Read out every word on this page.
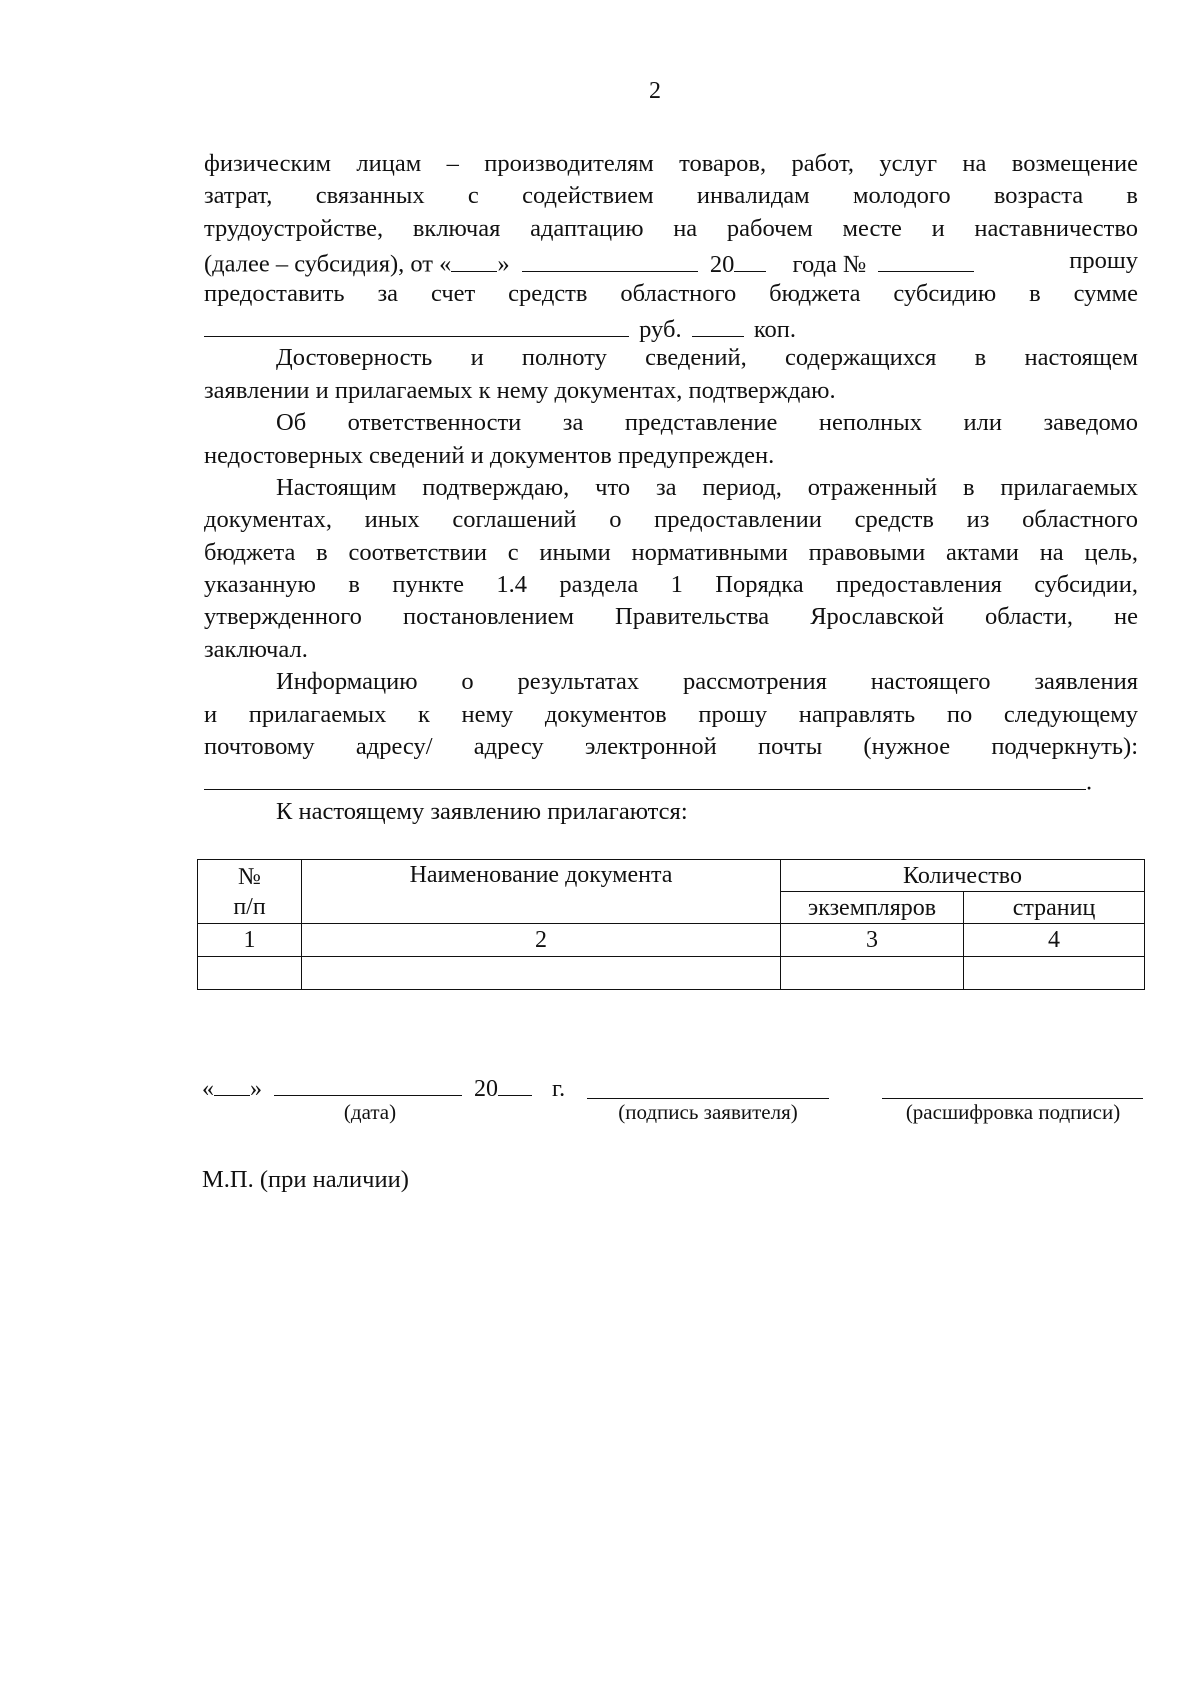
2
физическим лицам – производителям товаров, работ, услуг на возмещение
затрат, связанных с содействием инвалидам молодого возраста в
трудоустройстве, включая адаптацию на рабочем месте и наставничество
(далее – субсидия), от « »	20 года №	прошу
предоставить за счет средств областного бюджета субсидию в сумме
руб.	коп.
Достоверность и полноту сведений, содержащихся в настоящем
заявлении и прилагаемых к нему документах, подтверждаю.
Об ответственности за представление неполных или заведомо
недостоверных сведений и документов предупрежден.
Настоящим подтверждаю, что за период, отраженный в прилагаемых
документах, иных соглашений о предоставлении средств из областного
бюджета в соответствии с иными нормативными правовыми актами на цель,
указанную в пункте 1.4 раздела 1 Порядка предоставления субсидии,
утвержденного постановлением Правительства Ярославской области, не
заключал.
Информацию о результатах рассмотрения настоящего заявления
и прилагаемых к нему документов прошу направлять по следующему
почтовому адресу/ адресу электронной почты (нужное подчеркнуть):
.
К настоящему заявлению прилагаются:
№
п/п	Наименование документа	Количество	
		экземпляров	страниц
1	2	3	4

« »	20 г.
(дата)	(подпись заявителя)	(расшифровка подписи)
М.П. (при наличии)
